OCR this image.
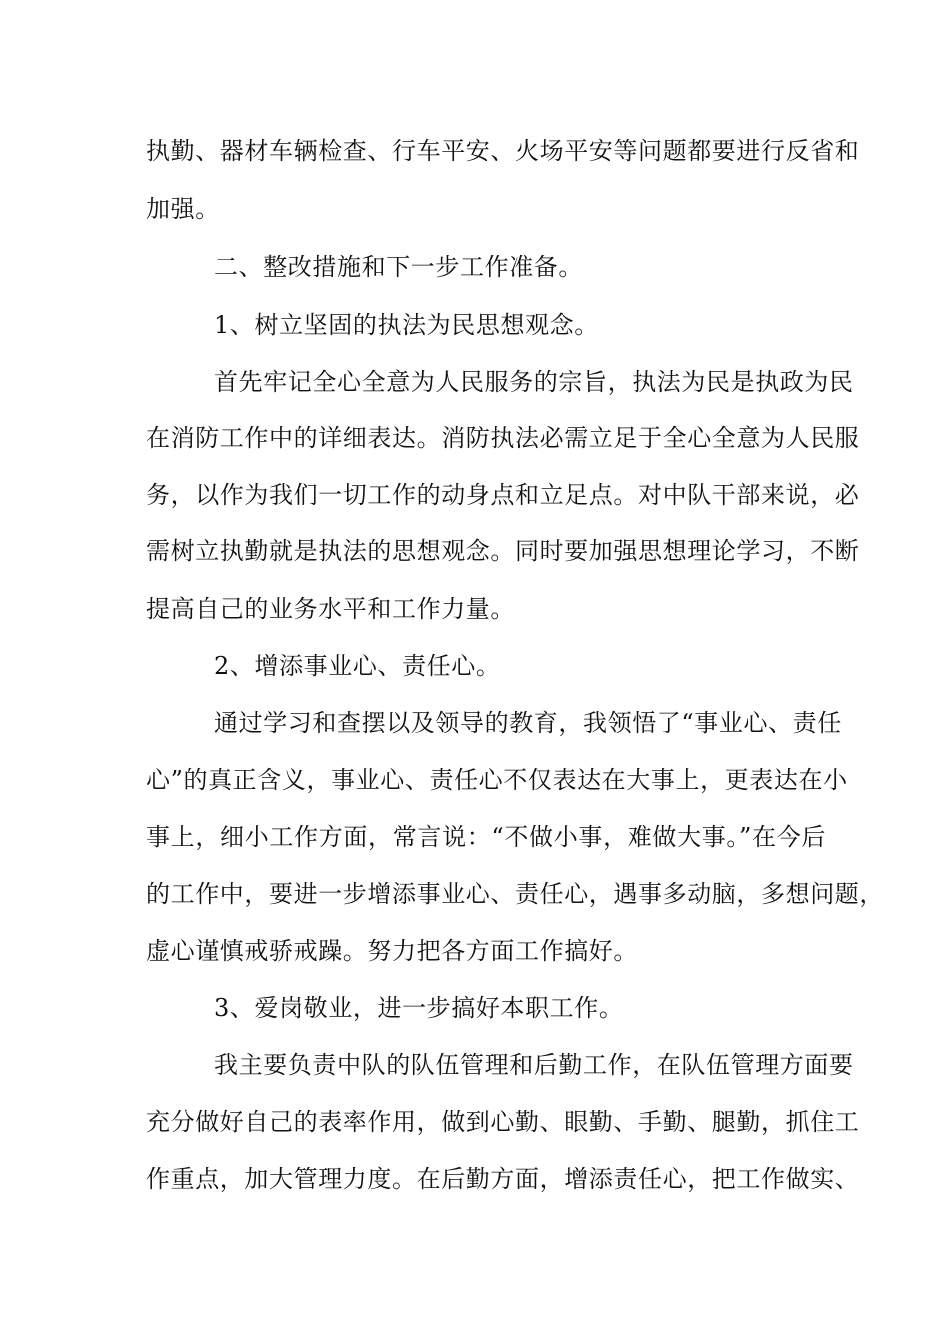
执勤、器材车辆检查、行车平安、火场平安等问题都要进行反省和
加强。
二、整改措施和下一步工作准备。
1、树立坚固的执法为民思想观念。
首先牢记全心全意为人民服务的宗旨，执法为民是执政为民
在消防工作中的详细表达。消防执法必需立足于全心全意为人民服
务，以作为我们一切工作的动身点和立足点。对中队干部来说，必
需树立执勤就是执法的思想观念。同时要加强思想理论学习，不断
提高自己的业务水平和工作力量。
2、增添事业心、责任心。
通过学习和查摆以及领导的教育，我领悟了“事业心、责任
心”的真正含义，事业心、责任心不仅表达在大事上，更表达在小
事上，细小工作方面，常言说：“不做小事，难做大事。”在今后
的工作中，要进一步增添事业心、责任心，遇事多动脑，多想问题，
虚心谨慎戒骄戒躁。努力把各方面工作搞好。
3、爱岗敬业，进一步搞好本职工作。
我主要负责中队的队伍管理和后勤工作，在队伍管理方面要
充分做好自己的表率作用，做到心勤、眼勤、手勤、腿勤，抓住工
作重点，加大管理力度。在后勤方面，增添责任心，把工作做实、
